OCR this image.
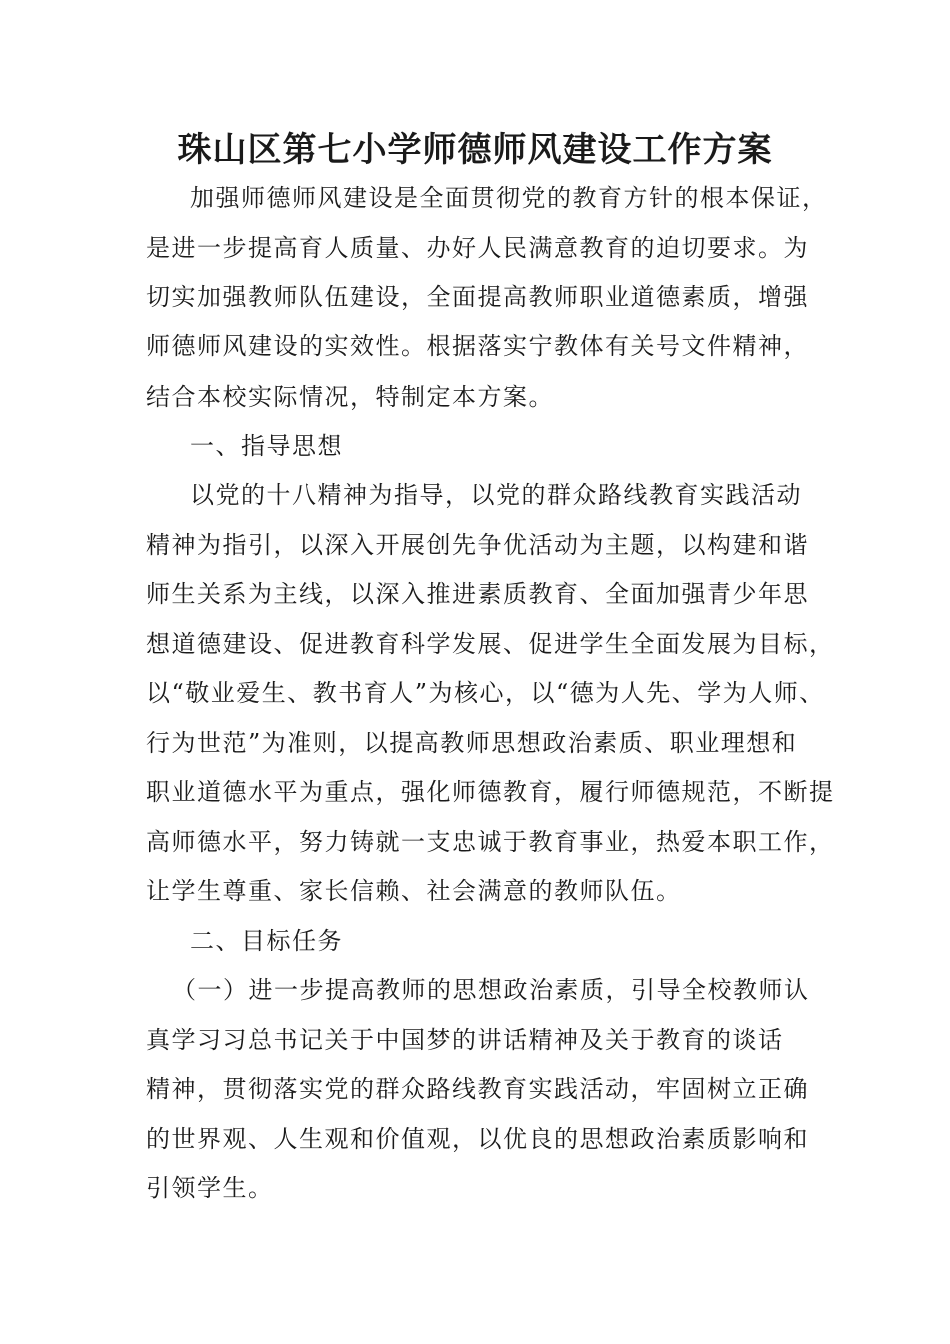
珠山区第七小学师德师风建设工作方案
加强师德师风建设是全面贯彻党的教育方针的根本保证，
是进一步提高育人质量、办好人民满意教育的迫切要求。为
切实加强教师队伍建设，全面提高教师职业道德素质，增强
师德师风建设的实效性。根据落实宁教体有关号文件精神，
结合本校实际情况，特制定本方案。
一、指导思想
以党的十八精神为指导，以党的群众路线教育实践活动
精神为指引，以深入开展创先争优活动为主题，以构建和谐
师生关系为主线，以深入推进素质教育、全面加强青少年思
想道德建设、促进教育科学发展、促进学生全面发展为目标，
以“敬业爱生、教书育人”为核心，以“德为人先、学为人师、
行为世范”为准则，以提高教师思想政治素质、职业理想和
职业道德水平为重点，强化师德教育，履行师德规范，不断提
高师德水平，努力铸就一支忠诚于教育事业，热爱本职工作，
让学生尊重、家长信赖、社会满意的教师队伍。
二、目标任务
（一）进一步提高教师的思想政治素质，引导全校教师认
真学习习总书记关于中国梦的讲话精神及关于教育的谈话
精神，贯彻落实党的群众路线教育实践活动，牢固树立正确
的世界观、人生观和价值观，以优良的思想政治素质影响和
引领学生。
